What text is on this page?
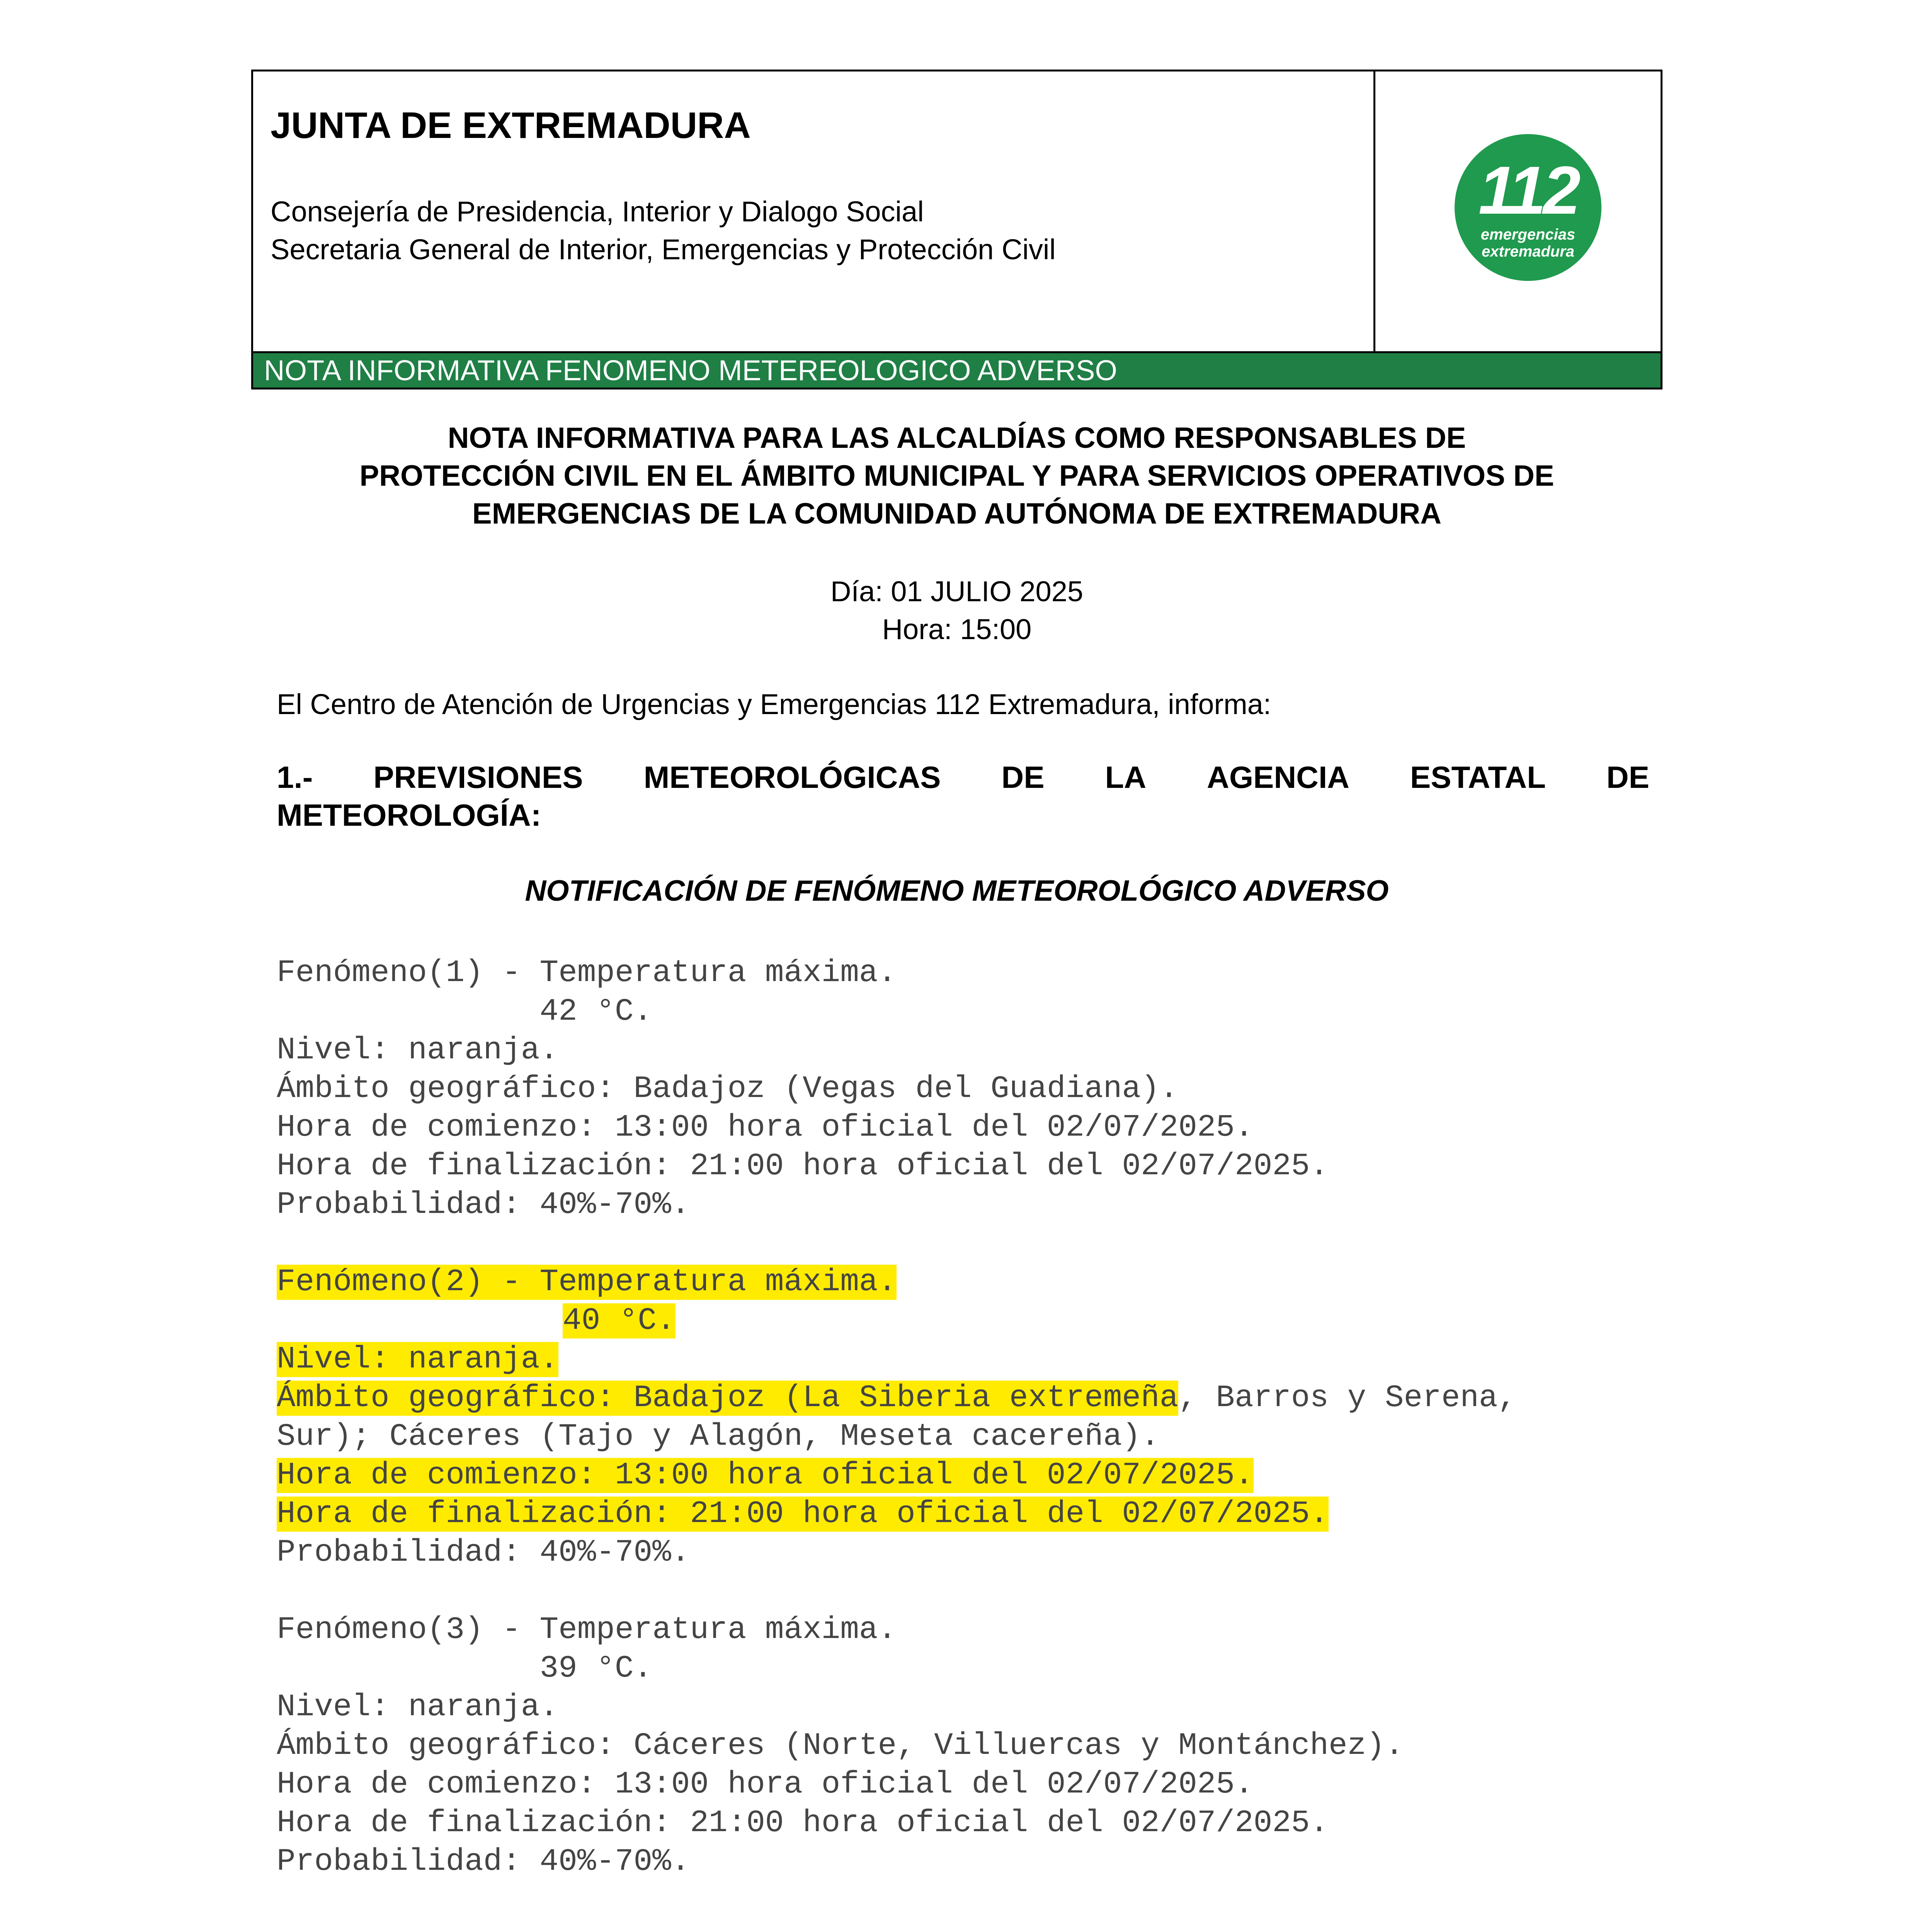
JUNTA DE EXTREMADURA
Consejería de Presidencia, Interior y Dialogo Social
Secretaria General de Interior, Emergencias y Protección Civil
112
emergencias
extremadura
NOTA INFORMATIVA FENOMENO METEREOLOGICO ADVERSO
NOTA INFORMATIVA PARA LAS ALCALDÍAS COMO RESPONSABLES DE
PROTECCIÓN CIVIL EN EL ÁMBITO MUNICIPAL Y PARA SERVICIOS OPERATIVOS DE
EMERGENCIAS DE LA COMUNIDAD AUTÓNOMA DE EXTREMADURA
Día: 01 JULIO 2025
Hora: 15:00
El Centro de Atención de Urgencias y Emergencias 112 Extremadura, informa:
1.- PREVISIONES METEOROLÓGICAS DE LA AGENCIA ESTATAL DE
METEOROLOGÍA:
NOTIFICACIÓN DE FENÓMENO METEOROLÓGICO ADVERSO
Fenómeno(1) - Temperatura máxima.
42 °C.
Nivel: naranja.
Ámbito geográfico: Badajoz (Vegas del Guadiana).
Hora de comienzo: 13:00 hora oficial del 02/07/2025.
Hora de finalización: 21:00 hora oficial del 02/07/2025.
Probabilidad: 40%-70%.
Fenómeno(2) - Temperatura máxima.
40 °C.
Nivel: naranja.
Ámbito geográfico: Badajoz (La Siberia extremeña, Barros y Serena,
Sur); Cáceres (Tajo y Alagón, Meseta cacereña).
Hora de comienzo: 13:00 hora oficial del 02/07/2025.
Hora de finalización: 21:00 hora oficial del 02/07/2025.
Probabilidad: 40%-70%.
Fenómeno(3) - Temperatura máxima.
39 °C.
Nivel: naranja.
Ámbito geográfico: Cáceres (Norte, Villuercas y Montánchez).
Hora de comienzo: 13:00 hora oficial del 02/07/2025.
Hora de finalización: 21:00 hora oficial del 02/07/2025.
Probabilidad: 40%-70%.
